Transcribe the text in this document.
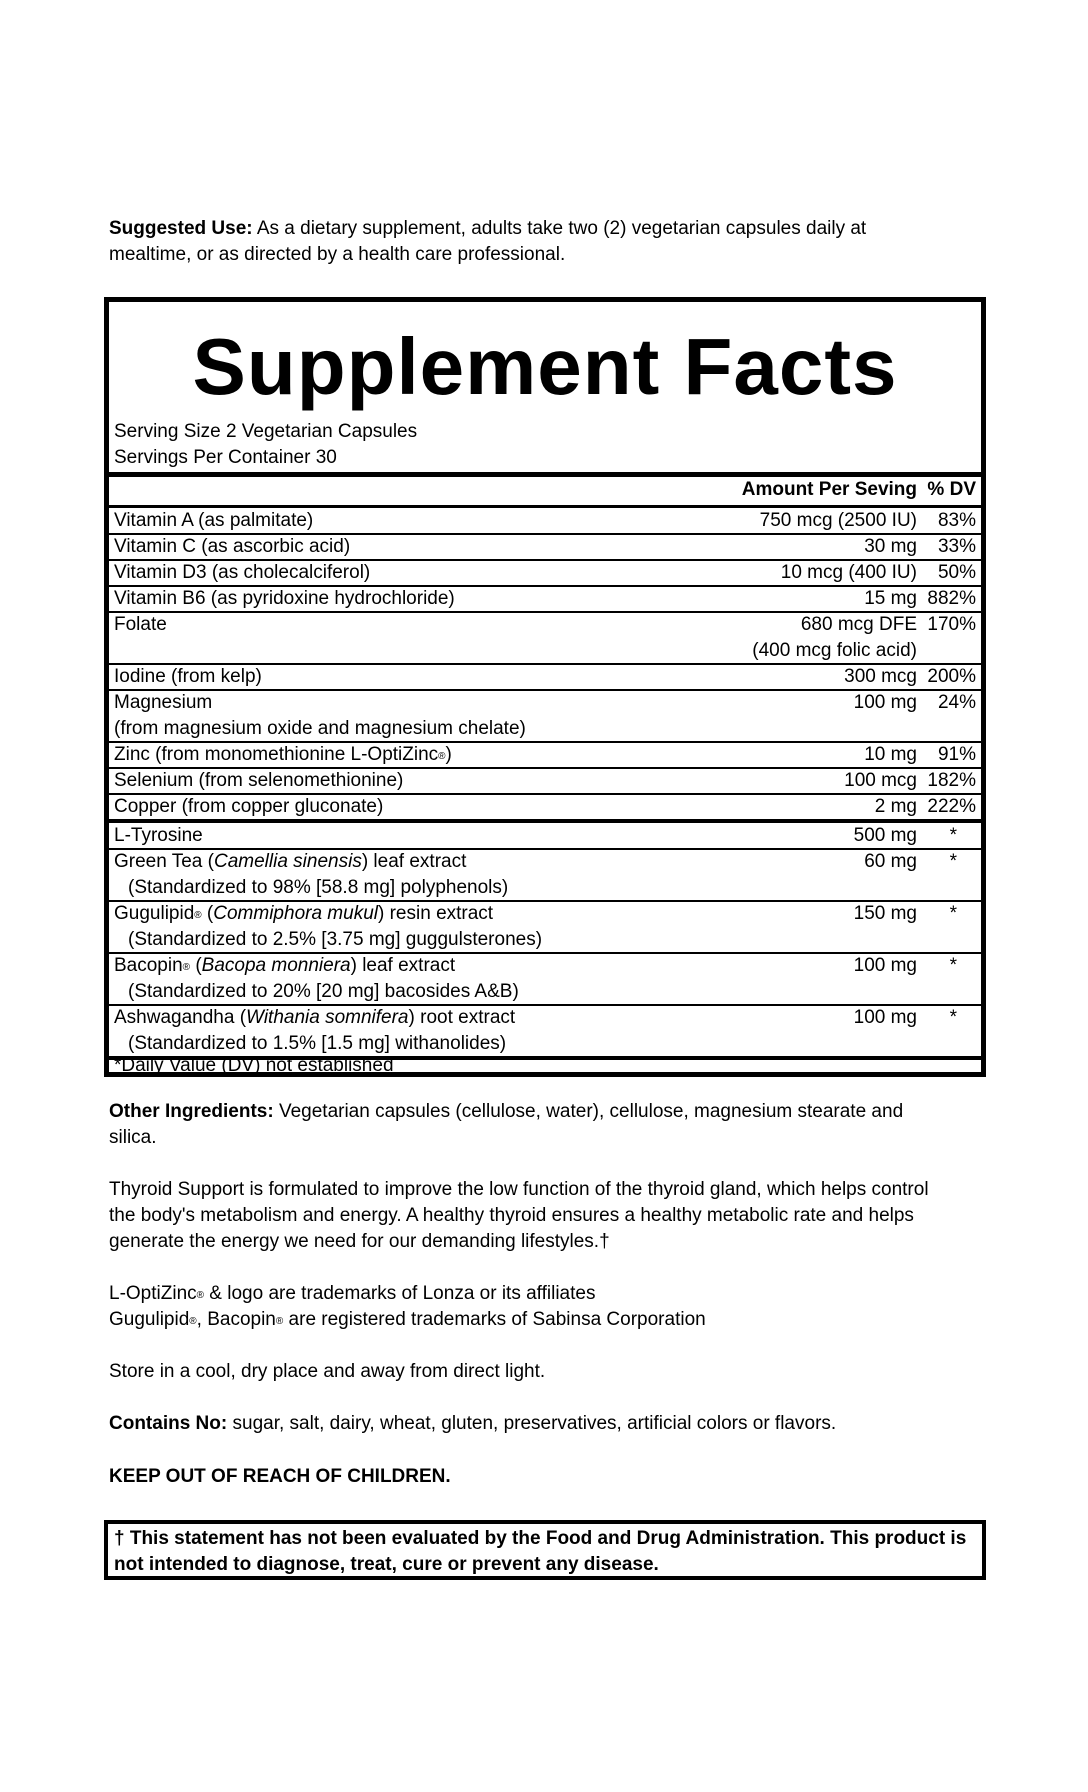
Suggested Use: As a dietary supplement, adults take two (2) vegetarian capsules daily at mealtime, or as directed by a health care professional.

Supplement Facts
Serving Size 2 Vegetarian Capsules
Servings Per Container 30
Amount Per Seving % DV
Vitamin A (as palmitate)	750 mcg (2500 IU)	83%
Vitamin C (as ascorbic acid)	30 mg	33%
Vitamin D3 (as cholecalciferol)	10 mcg (400 IU)	50%
Vitamin B6 (as pyridoxine hydrochloride)	15 mg 882%
Folate	680 mcg DFE 170%
(400 mcg folic acid)
Iodine (from kelp)	300 mcg 200%
Magnesium	100 mg	24%
(from magnesium oxide and magnesium chelate)
Zinc (from monomethionine L-OptiZinc®)	10 mg	91%
Selenium (from selenomethionine)	100 mcg 182%
Copper (from copper gluconate)	2 mg 222%
L-Tyrosine	500 mg *
Green Tea (Camellia sinensis) leaf extract	60 mg *
(Standardized to 98% [58.8 mg] polyphenols)
Gugulipid® (Commiphora mukul) resin extract	150 mg *
(Standardized to 2.5% [3.75 mg] guggulsterones)
Bacopin® (Bacopa monniera) leaf extract	100 mg *
(Standardized to 20% [20 mg] bacosides A&B)
Ashwagandha (Withania somnifera) root extract	100 mg *
(Standardized to 1.5% [1.5 mg] withanolides)
*Daily Value (DV) not established

Other Ingredients: Vegetarian capsules (cellulose, water), cellulose, magnesium stearate and silica.

Thyroid Support is formulated to improve the low function of the thyroid gland, which helps control the body's metabolism and energy. A healthy thyroid ensures a healthy metabolic rate and helps generate the energy we need for our demanding lifestyles.†

L-OptiZinc® & logo are trademarks of Lonza or its affiliates

Gugulipid®, Bacopin® are registered trademarks of Sabinsa Corporation

Store in a cool, dry place and away from direct light.

Contains No: sugar, salt, dairy, wheat, gluten, preservatives, artificial colors or flavors.

KEEP OUT OF REACH OF CHILDREN.

† This statement has not been evaluated by the Food and Drug Administration. This product is not intended to diagnose, treat, cure or prevent any disease.
